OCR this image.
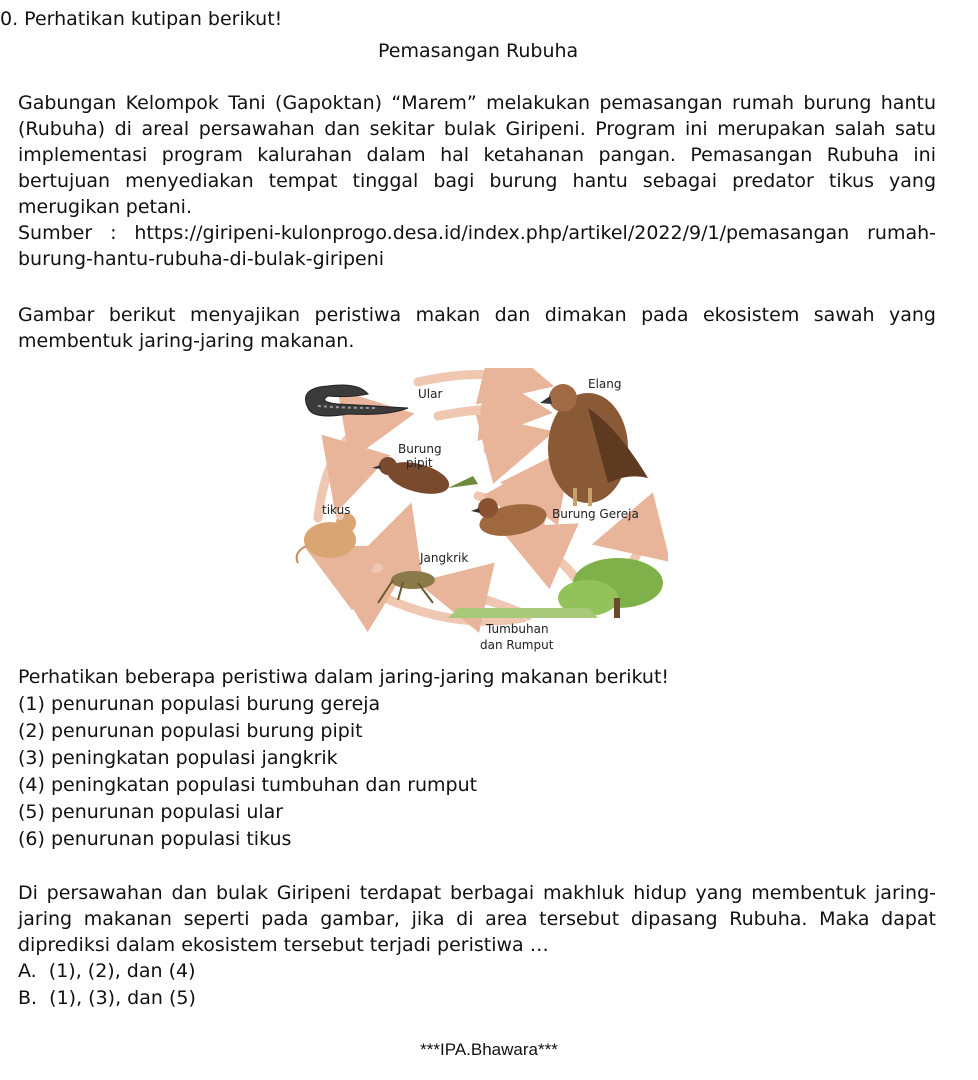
0. Perhatikan kutipan berikut!
Pemasangan Rubuha
Gabungan Kelompok Tani (Gapoktan) “Marem” melakukan pemasangan rumah burung hantu
(Rubuha) di areal persawahan dan sekitar bulak Giripeni. Program ini merupakan salah satu
implementasi program kalurahan dalam hal ketahanan pangan. Pemasangan Rubuha ini
bertujuan menyediakan tempat tinggal bagi burung hantu sebagai predator tikus yang
merugikan petani.
Sumber : https://giripeni-kulonprogo.desa.id/index.php/artikel/2022/9/1/pemasangan rumah-
burung-hantu-rubuha-di-bulak-giripeni
Gambar berikut menyajikan peristiwa makan dan dimakan pada ekosistem sawah yang
membentuk jaring-jaring makanan.
Ular
Elang
Burung
pipit
tikus	Burung Gereja
Jangkrik
Tumbuhan
dan Rumput
Perhatikan beberapa peristiwa dalam jaring-jaring makanan berikut!
(1) penurunan populasi burung gereja
(2) penurunan populasi burung pipit
(3) peningkatan populasi jangkrik
(4) peningkatan populasi tumbuhan dan rumput
(5) penurunan populasi ular
(6) penurunan populasi tikus
Di persawahan dan bulak Giripeni terdapat berbagai makhluk hidup yang membentuk jaring-
jaring makanan seperti pada gambar, jika di area tersebut dipasang Rubuha. Maka dapat
diprediksi dalam ekosistem tersebut terjadi peristiwa …
A. (1), (2), dan (4)
B. (1), (3), dan (5)
***IPA.Bhawara***
